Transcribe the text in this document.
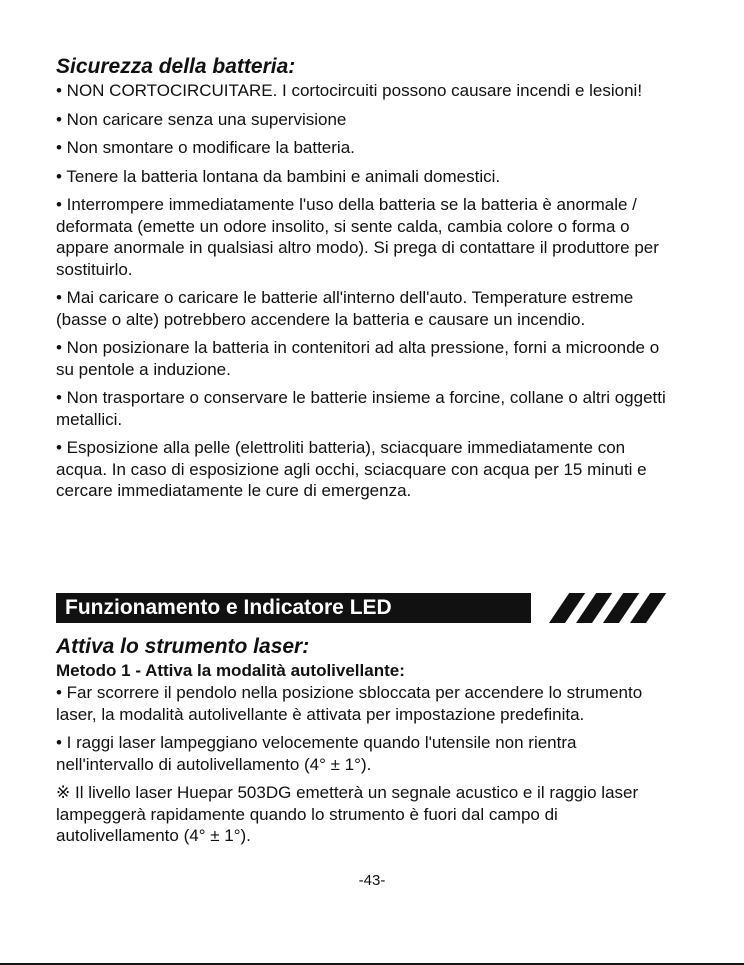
Sicurezza della batteria:

• NON CORTOCIRCUITARE. I cortocircuiti possono causare incendi e lesioni!

• Non caricare senza una supervisione

• Non smontare o modificare la batteria.

• Tenere la batteria lontana da bambini e animali domestici.

• Interrompere immediatamente l'uso della batteria se la batteria è anormale / deformata (emette un odore insolito, si sente calda, cambia colore o forma o appare anormale in qualsiasi altro modo). Si prega di contattare il produttore per sostituirlo.

• Mai caricare o caricare le batterie all'interno dell'auto. Temperature estreme (basse o alte) potrebbero accendere la batteria e causare un incendio.

• Non posizionare la batteria in contenitori ad alta pressione, forni a microonde o su pentole a induzione.

• Non trasportare o conservare le batterie insieme a forcine, collane o altri oggetti metallici.

• Esposizione alla pelle (elettroliti batteria), sciacquare immediatamente con acqua. In caso di esposizione agli occhi, sciacquare con acqua per 15 minuti e cercare immediatamente le cure di emergenza.

Funzionamento e Indicatore LED
Attiva lo strumento laser:
Metodo 1 - Attiva la modalità autolivellante:

• Far scorrere il pendolo nella posizione sbloccata per accendere lo strumento laser, la modalità autolivellante è attivata per impostazione predefinita.

• I raggi laser lampeggiano velocemente quando l'utensile non rientra nell'intervallo di autolivellamento (4° ± 1°).

※ Il livello laser Huepar 503DG emetterà un segnale acustico e il raggio laser lampeggerà rapidamente quando lo strumento è fuori dal campo di autolivellamento (4° ± 1°).

-43-
